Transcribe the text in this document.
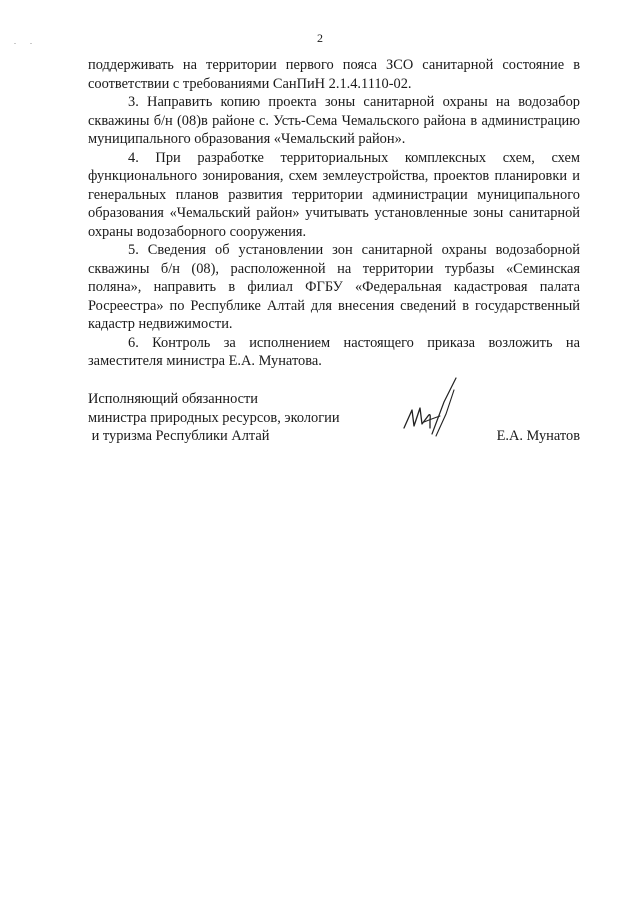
2
. .

поддерживать на территории первого пояса ЗСО санитарной состояние в соответствии с требованиями СанПиН 2.1.4.1110-02.

3. Направить копию проекта зоны санитарной охраны на водозабор скважины б/н (08)в районе с. Усть-Сема Чемальского района в администрацию муниципального образования «Чемальский район».

4. При разработке территориальных комплексных схем, схем функционального зонирования, схем землеустройства, проектов планировки и генеральных планов развития территории администрации муниципального образования «Чемальский район» учитывать установленные зоны санитарной охраны водозаборного сооружения.

5. Сведения об установлении зон санитарной охраны водозаборной скважины б/н (08), расположенной на территории турбазы «Семинская поляна», направить в филиал ФГБУ «Федеральная кадастровая палата Росреестра» по Республике Алтай для внесения сведений в государственный кадастр недвижимости.

6. Контроль за исполнением настоящего приказа возложить на заместителя министра Е.А. Мунатова.

Исполняющий обязанности
министра природных ресурсов, экологии
и туризма Республики Алтай	Е.А. Мунатов
